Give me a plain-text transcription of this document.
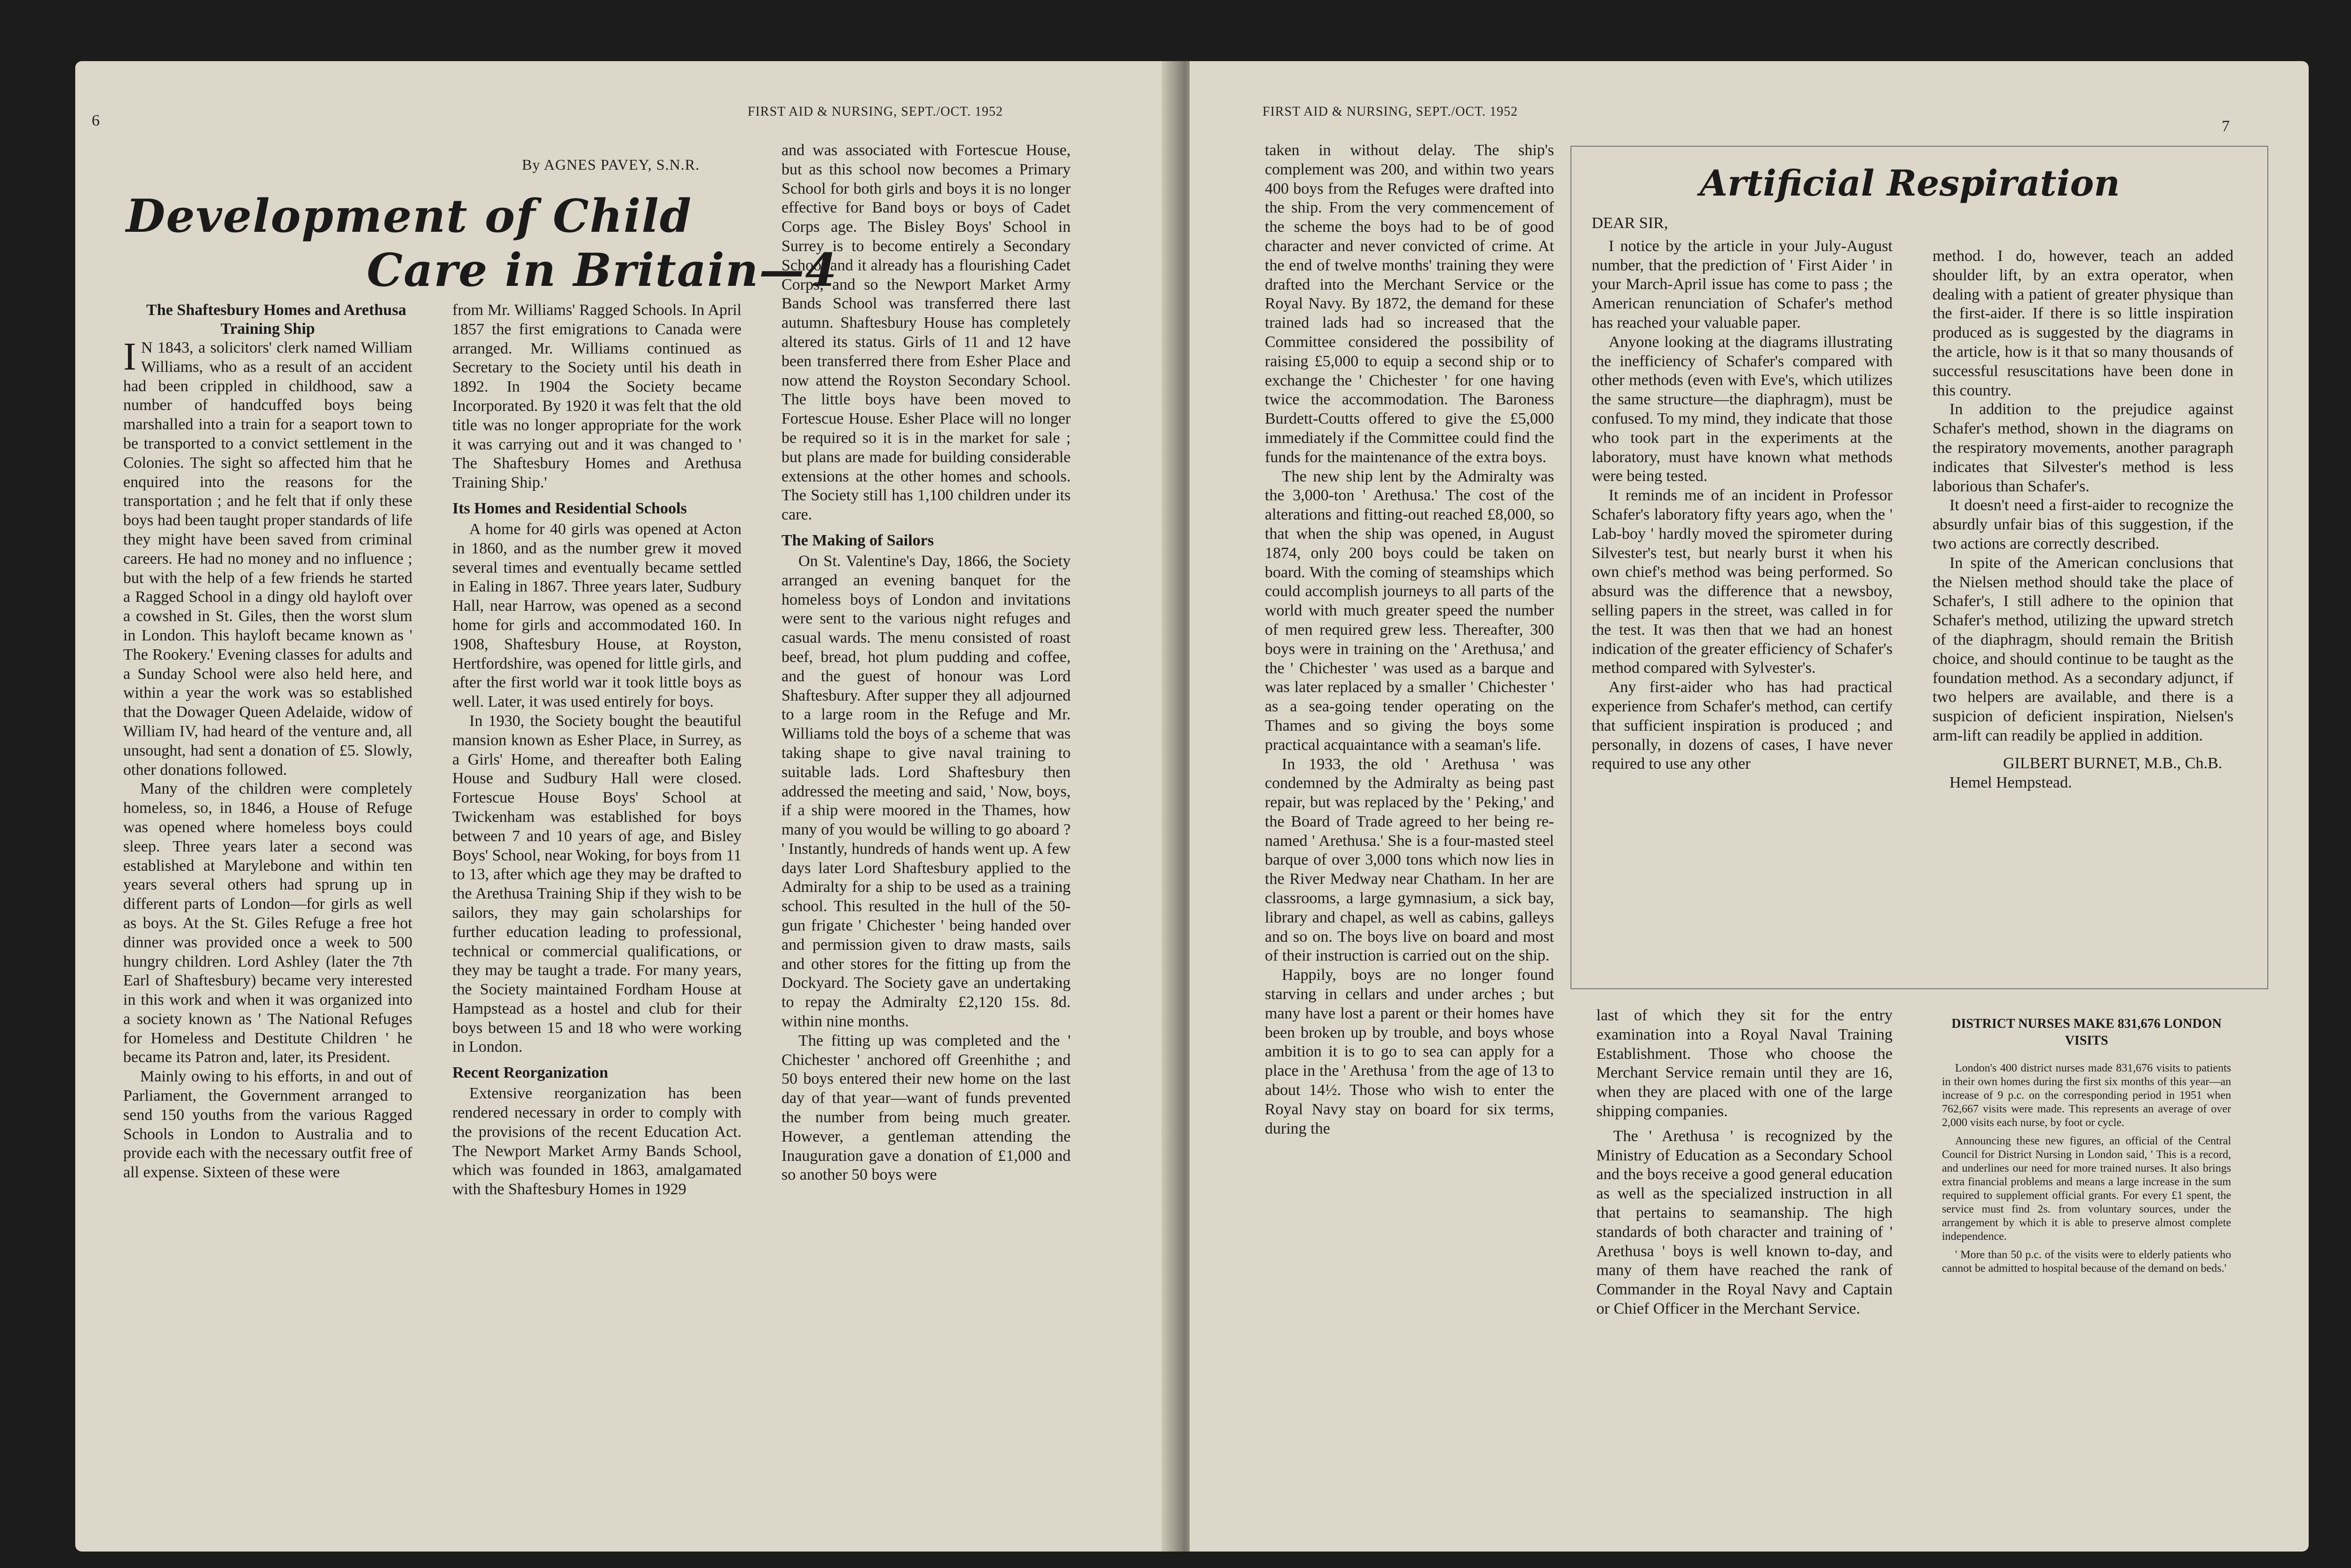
6
FIRST AID & NURSING, SEPT./OCT. 1952
By AGNES PAVEY, S.N.R.
Development of Child
Care in Britain—4

The Shaftesbury Homes and Arethusa Training Ship

I N 1843, a solicitors' clerk named William Williams, who as a result of an accident had been crippled in childhood, saw a number of handcuffed boys being marshalled into a train for a seaport town to be transported to a convict settlement in the Colonies. The sight so affected him that he enquired into the reasons for the transportation ; and he felt that if only these boys had been taught proper standards of life they might have been saved from criminal careers. He had no money and no influence ; but with the help of a few friends he started a Ragged School in a dingy old hayloft over a cowshed in St. Giles, then the worst slum in London. This hayloft became known as ' The Rookery.' Evening classes for adults and a Sunday School were also held here, and within a year the work was so established that the Dowager Queen Adelaide, widow of William IV, had heard of the venture and, all unsought, had sent a donation of £5. Slowly, other donations followed.

Many of the children were completely homeless, so, in 1846, a House of Refuge was opened where homeless boys could sleep. Three years later a second was established at Marylebone and within ten years several others had sprung up in different parts of London—for girls as well as boys. At the St. Giles Refuge a free hot dinner was provided once a week to 500 hungry children. Lord Ashley (later the 7th Earl of Shaftesbury) became very interested in this work and when it was organized into a society known as ' The National Refuges for Homeless and Destitute Children ' he became its Patron and, later, its President.

Mainly owing to his efforts, in and out of Parliament, the Government arranged to send 150 youths from the various Ragged Schools in London to Australia and to provide each with the necessary outfit free of all expense. Sixteen of these were

from Mr. Williams' Ragged Schools. In April 1857 the first emigrations to Canada were arranged. Mr. Williams continued as Secretary to the Society until his death in 1892. In 1904 the Society became Incorporated. By 1920 it was felt that the old title was no longer appropriate for the work it was carrying out and it was changed to ' The Shaftesbury Homes and Arethusa Training Ship.'

Its Homes and Residential Schools

A home for 40 girls was opened at Acton in 1860, and as the number grew it moved several times and eventually became settled in Ealing in 1867. Three years later, Sudbury Hall, near Harrow, was opened as a second home for girls and accommodated 160. In 1908, Shaftesbury House, at Royston, Hertfordshire, was opened for little girls, and after the first world war it took little boys as well. Later, it was used entirely for boys.

In 1930, the Society bought the beautiful mansion known as Esher Place, in Surrey, as a Girls' Home, and thereafter both Ealing House and Sudbury Hall were closed. Fortescue House Boys' School at Twickenham was established for boys between 7 and 10 years of age, and Bisley Boys' School, near Woking, for boys from 11 to 13, after which age they may be drafted to the Arethusa Training Ship if they wish to be sailors, they may gain scholarships for further education leading to professional, technical or commercial qualifications, or they may be taught a trade. For many years, the Society maintained Fordham House at Hampstead as a hostel and club for their boys between 15 and 18 who were working in London.

Recent Reorganization

Extensive reorganization has been rendered necessary in order to comply with the provisions of the recent Education Act. The Newport Market Army Bands School, which was founded in 1863, amalgamated with the Shaftesbury Homes in 1929

and was associated with Fortescue House, but as this school now becomes a Primary School for both girls and boys it is no longer effective for Band boys or boys of Cadet Corps age. The Bisley Boys' School in Surrey is to become entirely a Secondary School and it already has a flourishing Cadet Corps, and so the Newport Market Army Bands School was transferred there last autumn. Shaftesbury House has completely altered its status. Girls of 11 and 12 have been transferred there from Esher Place and now attend the Royston Secondary School. The little boys have been moved to Fortescue House. Esher Place will no longer be required so it is in the market for sale ; but plans are made for building considerable extensions at the other homes and schools. The Society still has 1,100 children under its care.

The Making of Sailors

On St. Valentine's Day, 1866, the Society arranged an evening banquet for the homeless boys of London and invitations were sent to the various night refuges and casual wards. The menu consisted of roast beef, bread, hot plum pudding and coffee, and the guest of honour was Lord Shaftesbury. After supper they all adjourned to a large room in the Refuge and Mr. Williams told the boys of a scheme that was taking shape to give naval training to suitable lads. Lord Shaftesbury then addressed the meeting and said, ' Now, boys, if a ship were moored in the Thames, how many of you would be willing to go aboard ? ' Instantly, hundreds of hands went up. A few days later Lord Shaftesbury applied to the Admiralty for a ship to be used as a training school. This resulted in the hull of the 50-gun frigate ' Chichester ' being handed over and permission given to draw masts, sails and other stores for the fitting up from the Dockyard. The Society gave an undertaking to repay the Admiralty £2,120 15s. 8d. within nine months.

The fitting up was completed and the ' Chichester ' anchored off Greenhithe ; and 50 boys entered their new home on the last day of that year—want of funds prevented the number from being much greater. However, a gentleman attending the Inauguration gave a donation of £1,000 and so another 50 boys were

FIRST AID & NURSING, SEPT./OCT. 1952
7

taken in without delay. The ship's complement was 200, and within two years 400 boys from the Refuges were drafted into the ship. From the very commencement of the scheme the boys had to be of good character and never convicted of crime. At the end of twelve months' training they were drafted into the Merchant Service or the Royal Navy. By 1872, the demand for these trained lads had so increased that the Committee considered the possibility of raising £5,000 to equip a second ship or to exchange the ' Chichester ' for one having twice the accommodation. The Baroness Burdett-Coutts offered to give the £5,000 immediately if the Committee could find the funds for the maintenance of the extra boys.

The new ship lent by the Admiralty was the 3,000-ton ' Arethusa.' The cost of the alterations and fitting-out reached £8,000, so that when the ship was opened, in August 1874, only 200 boys could be taken on board. With the coming of steamships which could accomplish journeys to all parts of the world with much greater speed the number of men required grew less. Thereafter, 300 boys were in training on the ' Arethusa,' and the ' Chichester ' was used as a barque and was later replaced by a smaller ' Chichester ' as a sea-going tender operating on the Thames and so giving the boys some practical acquaintance with a seaman's life.

In 1933, the old ' Arethusa ' was condemned by the Admiralty as being past repair, but was replaced by the ' Peking,' and the Board of Trade agreed to her being re-named ' Arethusa.' She is a four-masted steel barque of over 3,000 tons which now lies in the River Medway near Chatham. In her are classrooms, a large gymnasium, a sick bay, library and chapel, as well as cabins, galleys and so on. The boys live on board and most of their instruction is carried out on the ship.

Happily, boys are no longer found starving in cellars and under arches ; but many have lost a parent or their homes have been broken up by trouble, and boys whose ambition it is to go to sea can apply for a place in the ' Arethusa ' from the age of 13 to about 14½. Those who wish to enter the Royal Navy stay on board for six terms, during the

Artificial Respiration

DEAR SIR,

I notice by the article in your July-August number, that the prediction of ' First Aider ' in your March-April issue has come to pass ; the American renunciation of Schafer's method has reached your valuable paper.

Anyone looking at the diagrams illustrating the inefficiency of Schafer's compared with other methods (even with Eve's, which utilizes the same structure—the diaphragm), must be confused. To my mind, they indicate that those who took part in the experiments at the laboratory, must have known what methods were being tested.

It reminds me of an incident in Professor Schafer's laboratory fifty years ago, when the ' Lab-boy ' hardly moved the spirometer during Silvester's test, but nearly burst it when his own chief's method was being performed. So absurd was the difference that a newsboy, selling papers in the street, was called in for the test. It was then that we had an honest indication of the greater efficiency of Schafer's method compared with Sylvester's.

Any first-aider who has had practical experience from Schafer's method, can certify that sufficient inspiration is produced ; and personally, in dozens of cases, I have never required to use any other

method. I do, however, teach an added shoulder lift, by an extra operator, when dealing with a patient of greater physique than the first-aider. If there is so little inspiration produced as is suggested by the diagrams in the article, how is it that so many thousands of successful resuscitations have been done in this country.

In addition to the prejudice against Schafer's method, shown in the diagrams on the respiratory movements, another paragraph indicates that Silvester's method is less laborious than Schafer's.

It doesn't need a first-aider to recognize the absurdly unfair bias of this suggestion, if the two actions are correctly described.

In spite of the American conclusions that the Nielsen method should take the place of Schafer's, I still adhere to the opinion that Schafer's method, utilizing the upward stretch of the diaphragm, should remain the British choice, and should continue to be taught as the foundation method. As a secondary adjunct, if two helpers are available, and there is a suspicion of deficient inspiration, Nielsen's arm-lift can readily be applied in addition.

GILBERT BURNET, M.B., Ch.B.

Hemel Hempstead.

last of which they sit for the entry examination into a Royal Naval Training Establishment. Those who choose the Merchant Service remain until they are 16, when they are placed with one of the large shipping companies.

The ' Arethusa ' is recognized by the Ministry of Education as a Secondary School and the boys receive a good general education as well as the specialized instruction in all that pertains to seamanship. The high standards of both character and training of ' Arethusa ' boys is well known to-day, and many of them have reached the rank of Commander in the Royal Navy and Captain or Chief Officer in the Merchant Service.

DISTRICT NURSES MAKE 831,676 LONDON VISITS

London's 400 district nurses made 831,676 visits to patients in their own homes during the first six months of this year—an increase of 9 p.c. on the corresponding period in 1951 when 762,667 visits were made. This represents an average of over 2,000 visits each nurse, by foot or cycle.

Announcing these new figures, an official of the Central Council for District Nursing in London said, ' This is a record, and underlines our need for more trained nurses. It also brings extra financial problems and means a large increase in the sum required to supplement official grants. For every £1 spent, the service must find 2s. from voluntary sources, under the arrangement by which it is able to preserve almost complete independence.

' More than 50 p.c. of the visits were to elderly patients who cannot be admitted to hospital because of the demand on beds.'
